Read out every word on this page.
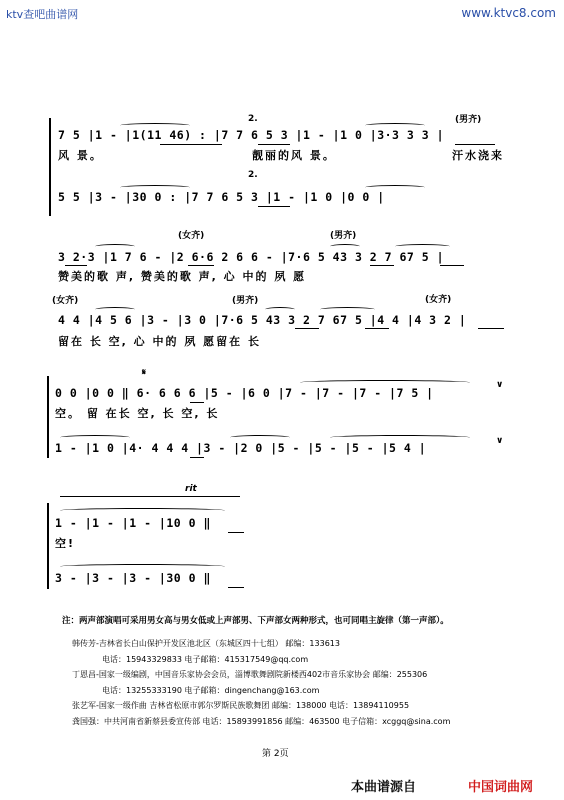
ktv查吧曲谱网	www.ktvc8.com
2.
2.
(男齐)
7 5 |1 - |1(11 46) : |7 7 6 5 3 |1 - |1 0 |3·3 3 3 |
风 景。	靓丽的风 景。	汗水浇来
5 5 |3 - |30 0 : |7 7 6 5 3 |1 - |1 0 |0 0 |
(女齐)	(男齐)
3 2·3 |1 7 6 - |2 6·6 2 6 6 - |7·6 5 43 3 2 7 67 5 |
赞美的歌 声, 赞美的歌 声, 心 中的 夙 愿
(女齐)	(男齐)	(女齐)
4 4 |4 5 6 |3 - |3 0 |7·6 5 43 3 2 7 67 5 |4 4 |4 3 2 |
留在 长 空, 心 中的 夙 愿留在 长
𝄋
∨
∨
0 0 |0 0 ‖ 6· 6 6 6 |5 - |6 0 |7 - |7 - |7 - |7 5 |
空。 留 在长 空, 长 空, 长
1 - |1 0 |4· 4 4 4 |3 - |2 0 |5 - |5 - |5 - |5 4 |
rit
1 - |1 - |1 - |10 0 ‖
空!
3 - |3 - |3 - |30 0 ‖
注：两声部演唱可采用男女高与男女低或上声部男、下声部女两种形式，也可同唱主旋律（第一声部）。
韩传芳-吉林省长白山保护开发区池北区（东城区四十七组） 邮编：133613
电话：15943329833 电子邮箱：415317549@qq.com
丁恩昌-国家一级编剧，中国音乐家协会会员，淄博歌舞剧院新楼西402市音乐家协会 邮编：255306
电话：13255333190 电子邮箱：dingenchang@163.com
张艺军-国家一级作曲 吉林省松原市郭尔罗斯民族歌舞团 邮编：138000 电话：13894110955
龚国强：中共河南省新蔡县委宣传部 电话：15893991856 邮编：463500 电子信箱：xcggq@sina.com
第 2页
本曲谱源自	中国词曲网
